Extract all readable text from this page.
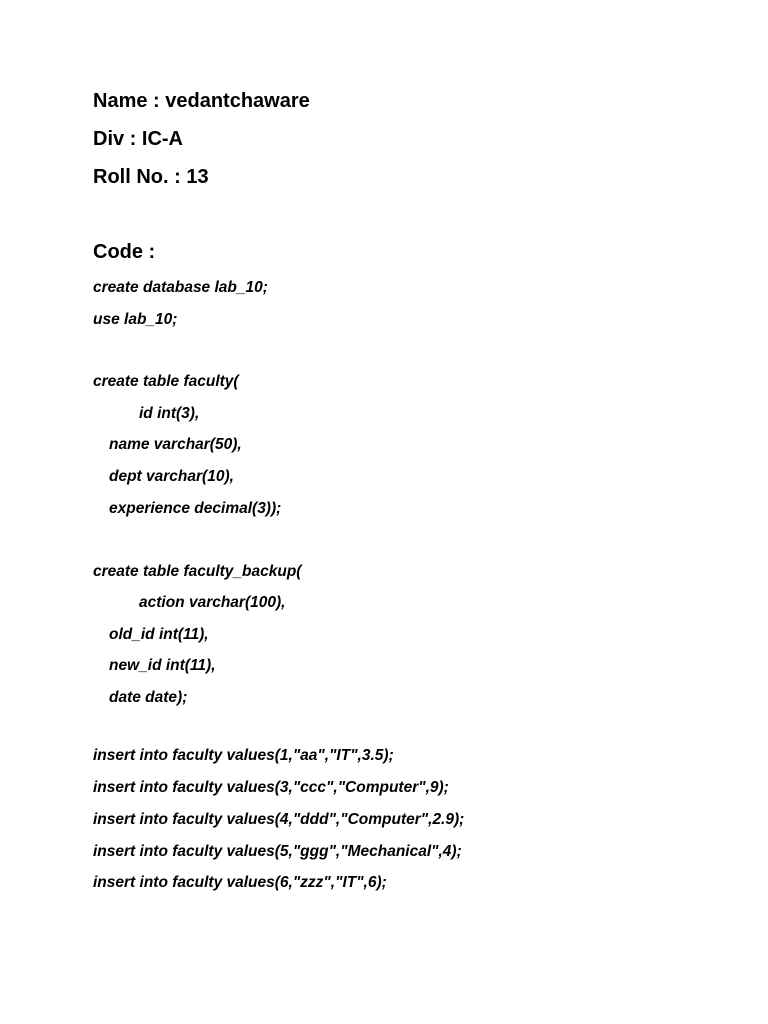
Name : vedantchaware
Div : IC-A
Roll No. : 13
Code :
create database lab_10;
use lab_10;
create table faculty(
id int(3),
name varchar(50),
dept varchar(10),
experience decimal(3));
create table faculty_backup(
action varchar(100),
old_id int(11),
new_id int(11),
date date);
insert into faculty values(1,"aa","IT",3.5);
insert into faculty values(3,"ccc","Computer",9);
insert into faculty values(4,"ddd","Computer",2.9);
insert into faculty values(5,"ggg","Mechanical",4);
insert into faculty values(6,"zzz","IT",6);
